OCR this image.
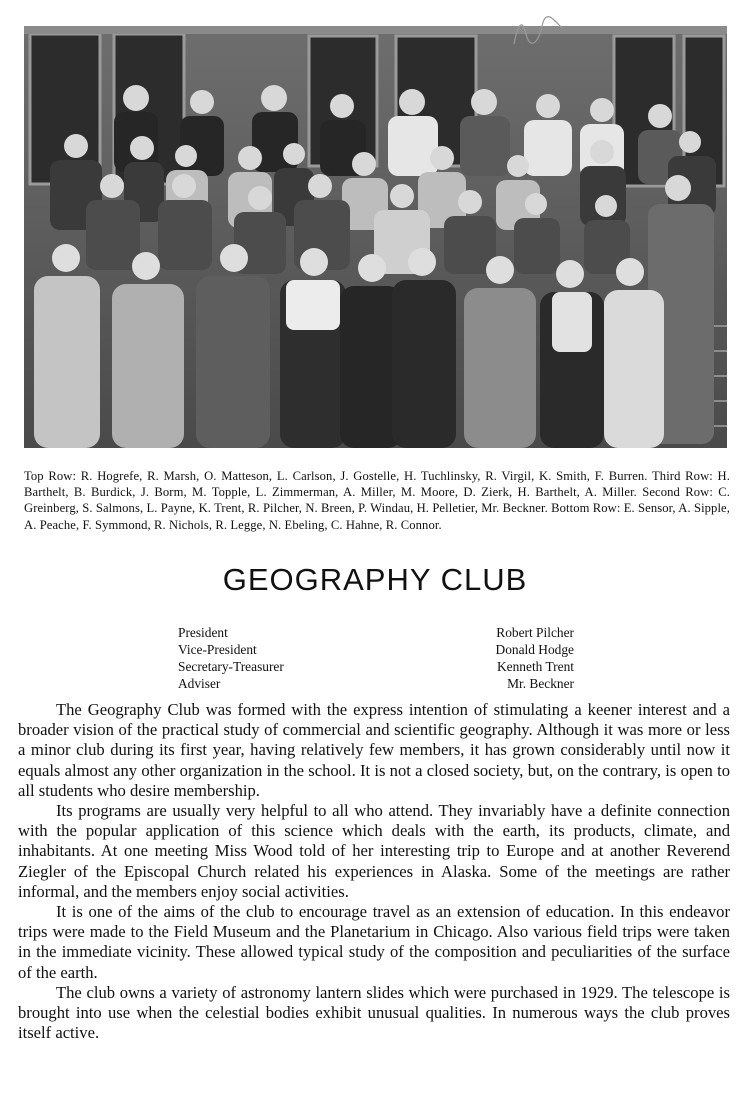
Top Row: R. Hogrefe, R. Marsh, O. Matteson, L. Carlson, J. Gostelle, H. Tuchlinsky, R. Virgil, K. Smith, F. Burren. Third Row: H. Barthelt, B. Burdick, J. Borm, M. Topple, L. Zimmerman, A. Miller, M. Moore, D. Zierk, H. Barthelt, A. Miller. Second Row: C. Greinberg, S. Salmons, L. Payne, K. Trent, R. Pilcher, N. Breen, P. Windau, H. Pelletier, Mr. Beckner. Bottom Row: E. Sensor, A. Sipple, A. Peache, F. Symmond, R. Nichols, R. Legge, N. Ebeling, C. Hahne, R. Connor.
GEOGRAPHY CLUB
President	Robert Pilcher
Vice-President	Donald Hodge
Secretary-Treasurer	Kenneth Trent
Adviser	Mr. Beckner

The Geography Club was formed with the express intention of stimulating a keener interest and a broader vision of the practical study of commercial and scientific geography. Although it was more or less a minor club during its first year, having relatively few members, it has grown considerably until now it equals almost any other organization in the school. It is not a closed society, but, on the contrary, is open to all students who desire membership.

Its programs are usually very helpful to all who attend. They invariably have a definite connection with the popular application of this science which deals with the earth, its products, climate, and inhabitants. At one meeting Miss Wood told of her interesting trip to Europe and at another Reverend Ziegler of the Episcopal Church related his experiences in Alaska. Some of the meetings are rather informal, and the members enjoy social activities.

It is one of the aims of the club to encourage travel as an extension of education. In this endeavor trips were made to the Field Museum and the Planetarium in Chicago. Also various field trips were taken in the immediate vicinity. These allowed typical study of the composition and peculiarities of the surface of the earth.

The club owns a variety of astronomy lantern slides which were purchased in 1929. The telescope is brought into use when the celestial bodies exhibit unusual qualities. In numerous ways the club proves itself active.
